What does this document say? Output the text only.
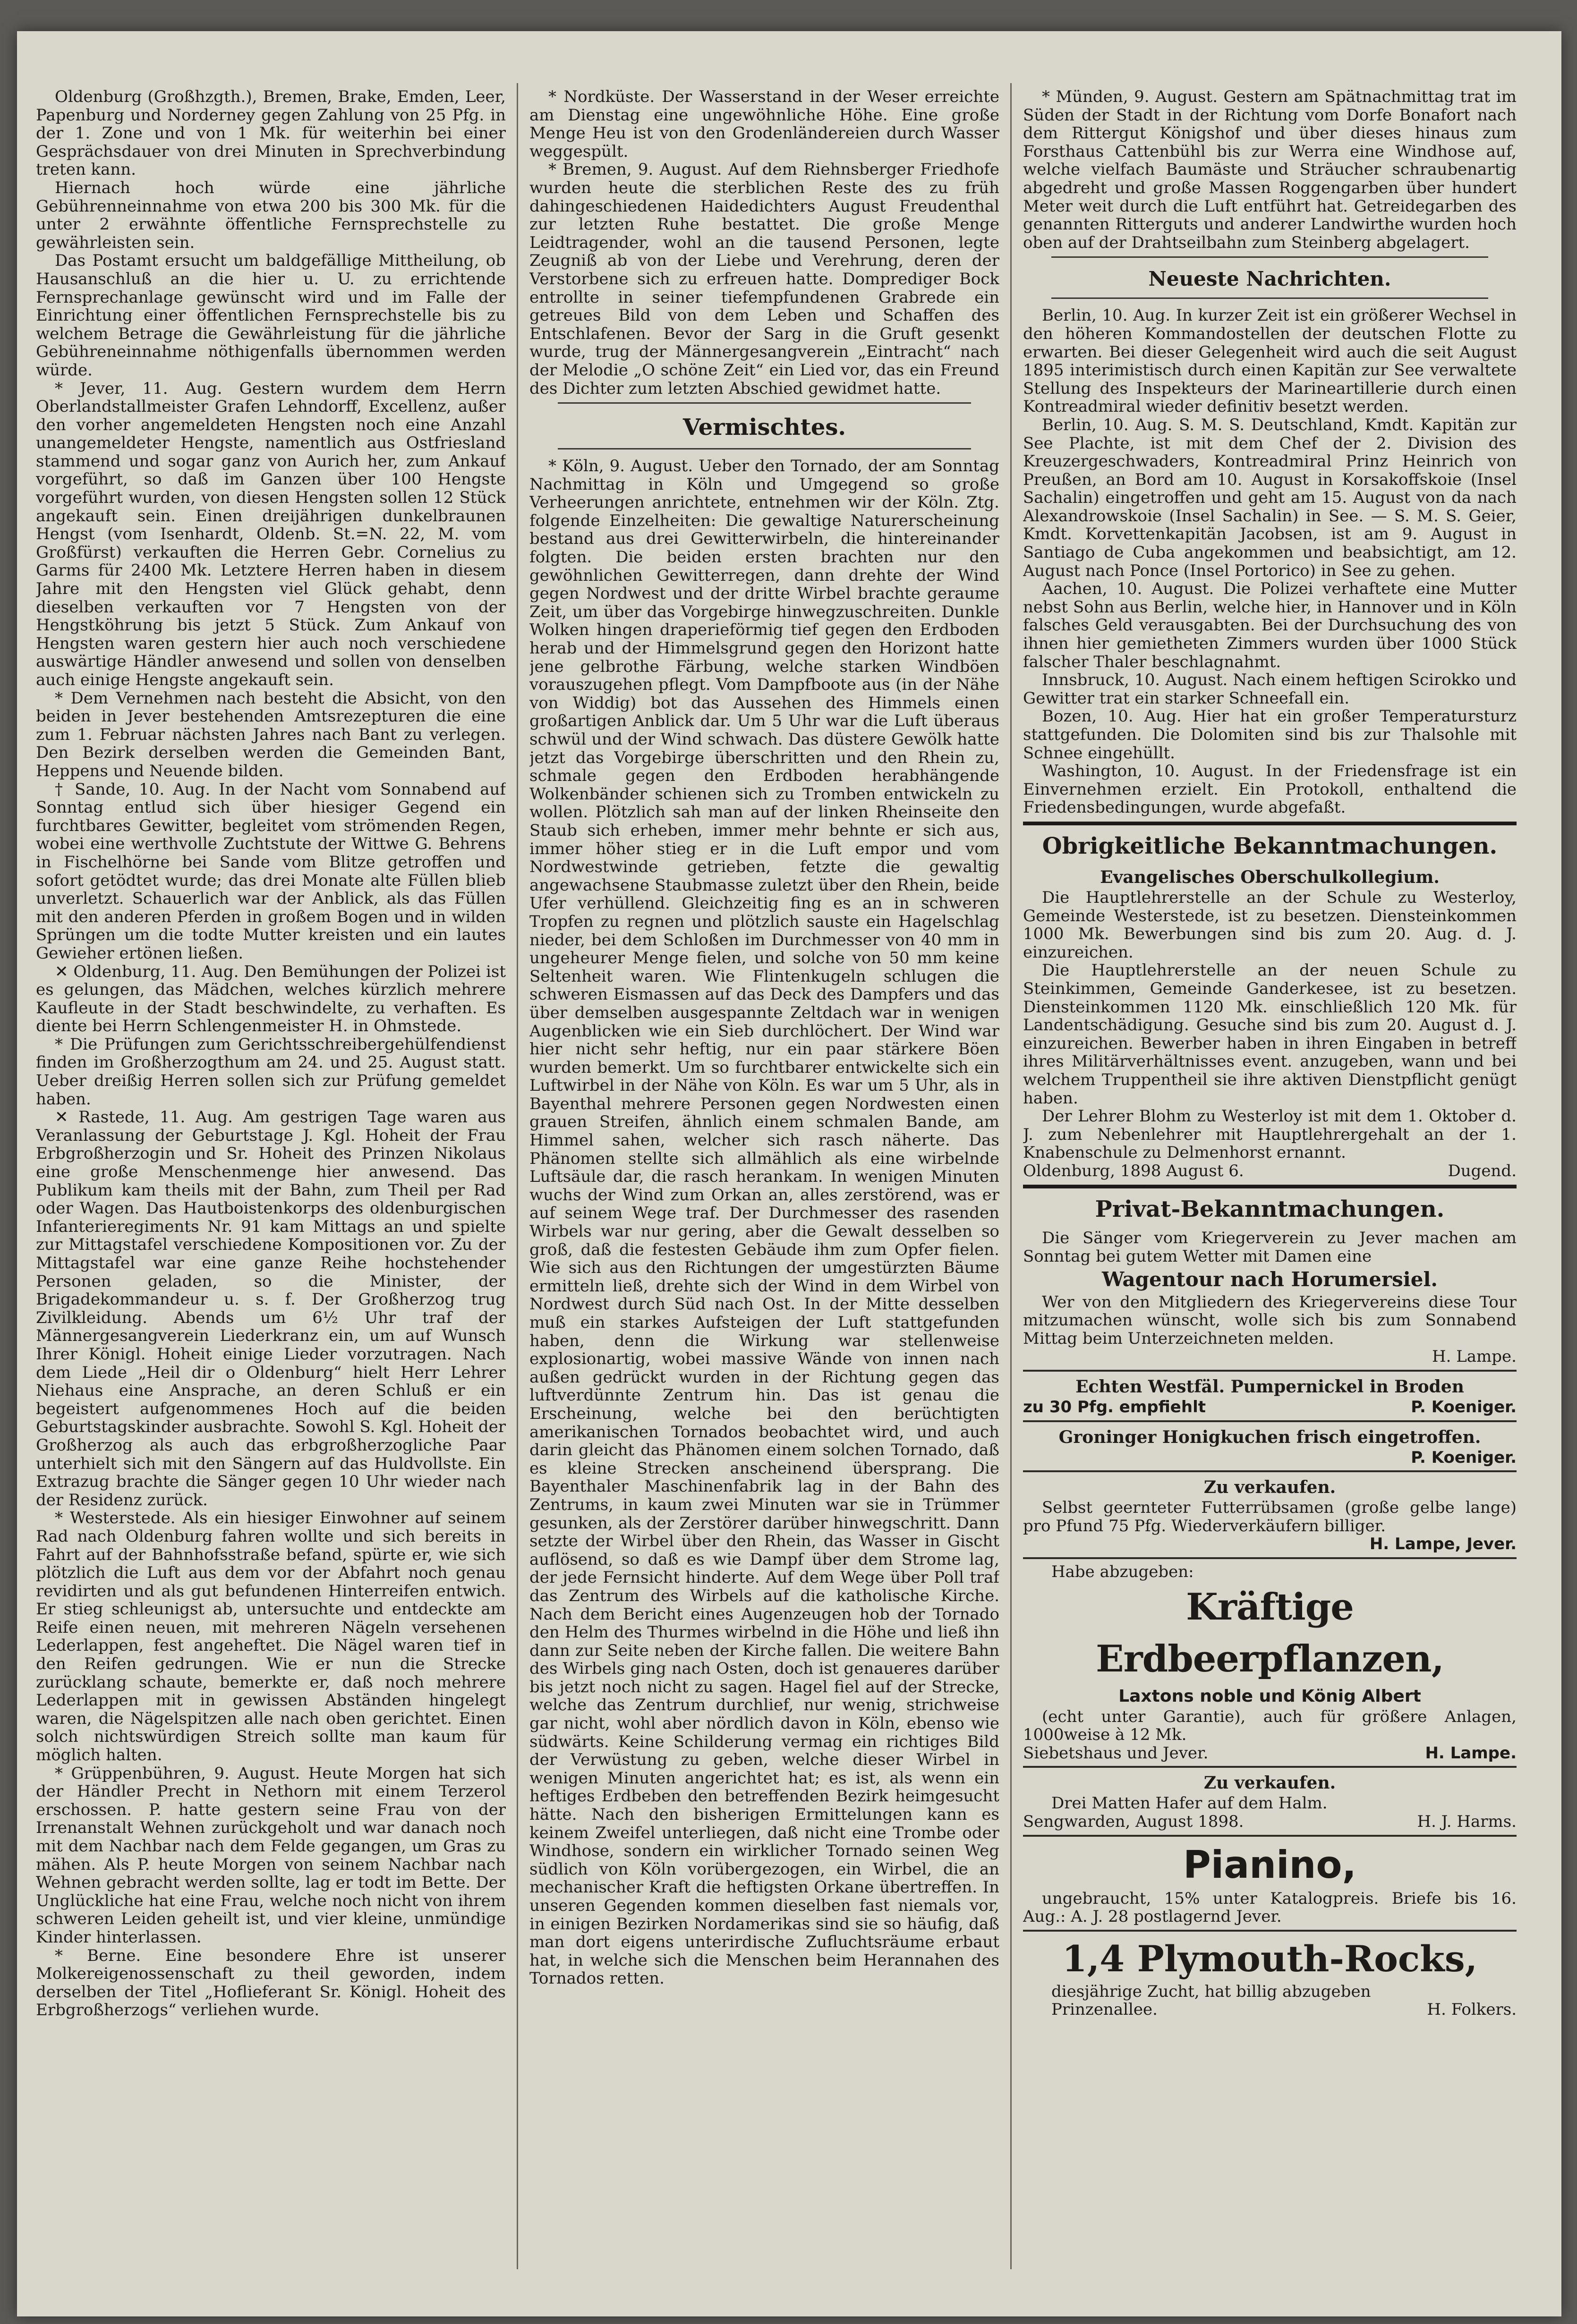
Oldenburg (Großhzgth.), Bremen, Brake, Emden, Leer, Papenburg und Norderney gegen Zahlung von 25 Pfg. in der 1. Zone und von 1 Mk. für weiterhin bei einer Gesprächsdauer von drei Minuten in Sprechverbindung treten kann.

Hiernach hoch würde eine jährliche Gebührenneinnahme von etwa 200 bis 300 Mk. für die unter 2 erwähnte öffentliche Fernsprechstelle zu gewährleisten sein.

Das Postamt ersucht um baldgefällige Mittheilung, ob Hausanschluß an die hier u. U. zu errichtende Fernsprechanlage gewünscht wird und im Falle der Einrichtung einer öffentlichen Fernsprechstelle bis zu welchem Betrage die Gewährleistung für die jährliche Gebühreneinnahme nöthigenfalls übernommen werden würde.

* Jever, 11. Aug. Gestern wurdem dem Herrn Oberlandstallmeister Grafen Lehndorff, Excellenz, außer den vorher angemeldeten Hengsten noch eine Anzahl unangemeldeter Hengste, namentlich aus Ostfriesland stammend und sogar ganz von Aurich her, zum Ankauf vorgeführt, so daß im Ganzen über 100 Hengste vorgeführt wurden, von diesen Hengsten sollen 12 Stück angekauft sein. Einen dreijährigen dunkelbraunen Hengst (vom Isenhardt, Oldenb. St.=N. 22, M. vom Großfürst) verkauften die Herren Gebr. Cornelius zu Garms für 2400 Mk. Letztere Herren haben in diesem Jahre mit den Hengsten viel Glück gehabt, denn dieselben verkauften vor 7 Hengsten von der Hengstköhrung bis jetzt 5 Stück. Zum Ankauf von Hengsten waren gestern hier auch noch verschiedene auswärtige Händler anwesend und sollen von denselben auch einige Hengste angekauft sein.

* Dem Vernehmen nach besteht die Absicht, von den beiden in Jever bestehenden Amtsrezepturen die eine zum 1. Februar nächsten Jahres nach Bant zu verlegen. Den Bezirk derselben werden die Gemeinden Bant, Heppens und Neuende bilden.

† Sande, 10. Aug. In der Nacht vom Sonnabend auf Sonntag entlud sich über hiesiger Gegend ein furchtbares Gewitter, begleitet vom strömenden Regen, wobei eine werthvolle Zuchtstute der Wittwe G. Behrens in Fischelhörne bei Sande vom Blitze getroffen und sofort getödtet wurde; das drei Monate alte Füllen blieb unverletzt. Schauerlich war der Anblick, als das Füllen mit den anderen Pferden in großem Bogen und in wilden Sprüngen um die todte Mutter kreisten und ein lautes Gewieher ertönen ließen.

✕ Oldenburg, 11. Aug. Den Bemühungen der Polizei ist es gelungen, das Mädchen, welches kürzlich mehrere Kaufleute in der Stadt beschwindelte, zu verhaften. Es diente bei Herrn Schlengenmeister H. in Ohmstede.

* Die Prüfungen zum Gerichtsschreibergehülfendienst finden im Großherzogthum am 24. und 25. August statt. Ueber dreißig Herren sollen sich zur Prüfung gemeldet haben.

✕ Rastede, 11. Aug. Am gestrigen Tage waren aus Veranlassung der Geburtstage J. Kgl. Hoheit der Frau Erbgroßherzogin und Sr. Hoheit des Prinzen Nikolaus eine große Menschenmenge hier anwesend. Das Publikum kam theils mit der Bahn, zum Theil per Rad oder Wagen. Das Hautboistenkorps des oldenburgischen Infanterieregiments Nr. 91 kam Mittags an und spielte zur Mittagstafel verschiedene Kompositionen vor. Zu der Mittagstafel war eine ganze Reihe hochstehender Personen geladen, so die Minister, der Brigadekommandeur u. s. f. Der Großherzog trug Zivilkleidung. Abends um 6½ Uhr traf der Männergesangverein Liederkranz ein, um auf Wunsch Ihrer Königl. Hoheit einige Lieder vorzutragen. Nach dem Liede „Heil dir o Oldenburg“ hielt Herr Lehrer Niehaus eine Ansprache, an deren Schluß er ein begeistert aufgenommenes Hoch auf die beiden Geburtstagskinder ausbrachte. Sowohl S. Kgl. Hoheit der Großherzog als auch das erbgroßherzogliche Paar unterhielt sich mit den Sängern auf das Huldvollste. Ein Extrazug brachte die Sänger gegen 10 Uhr wieder nach der Residenz zurück.

* Westerstede. Als ein hiesiger Einwohner auf seinem Rad nach Oldenburg fahren wollte und sich bereits in Fahrt auf der Bahnhofsstraße befand, spürte er, wie sich plötzlich die Luft aus dem vor der Abfahrt noch genau revidirten und als gut befundenen Hinterreifen entwich. Er stieg schleunigst ab, untersuchte und entdeckte am Reife einen neuen, mit mehreren Nägeln versehenen Lederlappen, fest angeheftet. Die Nägel waren tief in den Reifen gedrungen. Wie er nun die Strecke zurücklang schaute, bemerkte er, daß noch mehrere Lederlappen mit in gewissen Abständen hingelegt waren, die Nägelspitzen alle nach oben gerichtet. Einen solch nichtswürdigen Streich sollte man kaum für möglich halten.

* Grüppenbühren, 9. August. Heute Morgen hat sich der Händler Precht in Nethorn mit einem Terzerol erschossen. P. hatte gestern seine Frau von der Irrenanstalt Wehnen zurückgeholt und war danach noch mit dem Nachbar nach dem Felde gegangen, um Gras zu mähen. Als P. heute Morgen von seinem Nachbar nach Wehnen gebracht werden sollte, lag er todt im Bette. Der Unglückliche hat eine Frau, welche noch nicht von ihrem schweren Leiden geheilt ist, und vier kleine, unmündige Kinder hinterlassen.

* Berne. Eine besondere Ehre ist unserer Molkereigenossenschaft zu theil geworden, indem derselben der Titel „Hoflieferant Sr. Königl. Hoheit des Erbgroßherzogs“ verliehen wurde.

* Nordküste. Der Wasserstand in der Weser erreichte am Dienstag eine ungewöhnliche Höhe. Eine große Menge Heu ist von den Grodenländereien durch Wasser weggespült.

* Bremen, 9. August. Auf dem Riehnsberger Friedhofe wurden heute die sterblichen Reste des zu früh dahingeschiedenen Haidedichters August Freudenthal zur letzten Ruhe bestattet. Die große Menge Leidtragender, wohl an die tausend Personen, legte Zeugniß ab von der Liebe und Verehrung, deren der Verstorbene sich zu erfreuen hatte. Domprediger Bock entrollte in seiner tiefempfundenen Grabrede ein getreues Bild von dem Leben und Schaffen des Entschlafenen. Bevor der Sarg in die Gruft gesenkt wurde, trug der Männergesangverein „Eintracht“ nach der Melodie „O schöne Zeit“ ein Lied vor, das ein Freund des Dichter zum letzten Abschied gewidmet hatte.

Vermischtes.

* Köln, 9. August. Ueber den Tornado, der am Sonntag Nachmittag in Köln und Umgegend so große Verheerungen anrichtete, entnehmen wir der Köln. Ztg. folgende Einzelheiten: Die gewaltige Naturerscheinung bestand aus drei Gewitterwirbeln, die hintereinander folgten. Die beiden ersten brachten nur den gewöhnlichen Gewitterregen, dann drehte der Wind gegen Nordwest und der dritte Wirbel brachte geraume Zeit, um über das Vorgebirge hinwegzuschreiten. Dunkle Wolken hingen draperieförmig tief gegen den Erdboden herab und der Himmelsgrund gegen den Horizont hatte jene gelbrothe Färbung, welche starken Windböen vorauszugehen pflegt. Vom Dampfboote aus (in der Nähe von Widdig) bot das Aussehen des Himmels einen großartigen Anblick dar. Um 5 Uhr war die Luft überaus schwül und der Wind schwach. Das düstere Gewölk hatte jetzt das Vorgebirge überschritten und den Rhein zu, schmale gegen den Erdboden herabhängende Wolkenbänder schienen sich zu Tromben entwickeln zu wollen. Plötzlich sah man auf der linken Rheinseite den Staub sich erheben, immer mehr behnte er sich aus, immer höher stieg er in die Luft empor und vom Nordwestwinde getrieben, fetzte die gewaltig angewachsene Staubmasse zuletzt über den Rhein, beide Ufer verhüllend. Gleichzeitig fing es an in schweren Tropfen zu regnen und plötzlich sauste ein Hagelschlag nieder, bei dem Schloßen im Durchmesser von 40 mm in ungeheurer Menge fielen, und solche von 50 mm keine Seltenheit waren. Wie Flintenkugeln schlugen die schweren Eismassen auf das Deck des Dampfers und das über demselben ausgespannte Zeltdach war in wenigen Augenblicken wie ein Sieb durchlöchert. Der Wind war hier nicht sehr heftig, nur ein paar stärkere Böen wurden bemerkt. Um so furchtbarer entwickelte sich ein Luftwirbel in der Nähe von Köln. Es war um 5 Uhr, als in Bayenthal mehrere Personen gegen Nordwesten einen grauen Streifen, ähnlich einem schmalen Bande, am Himmel sahen, welcher sich rasch näherte. Das Phänomen stellte sich allmählich als eine wirbelnde Luftsäule dar, die rasch herankam. In wenigen Minuten wuchs der Wind zum Orkan an, alles zerstörend, was er auf seinem Wege traf. Der Durchmesser des rasenden Wirbels war nur gering, aber die Gewalt desselben so groß, daß die festesten Gebäude ihm zum Opfer fielen. Wie sich aus den Richtungen der umgestürzten Bäume ermitteln ließ, drehte sich der Wind in dem Wirbel von Nordwest durch Süd nach Ost. In der Mitte desselben muß ein starkes Aufsteigen der Luft stattgefunden haben, denn die Wirkung war stellenweise explosionartig, wobei massive Wände von innen nach außen gedrückt wurden in der Richtung gegen das luftverdünnte Zentrum hin. Das ist genau die Erscheinung, welche bei den berüchtigten amerikanischen Tornados beobachtet wird, und auch darin gleicht das Phänomen einem solchen Tornado, daß es kleine Strecken anscheinend übersprang. Die Bayenthaler Maschinenfabrik lag in der Bahn des Zentrums, in kaum zwei Minuten war sie in Trümmer gesunken, als der Zerstörer darüber hinwegschritt. Dann setzte der Wirbel über den Rhein, das Wasser in Gischt auflösend, so daß es wie Dampf über dem Strome lag, der jede Fernsicht hinderte. Auf dem Wege über Poll traf das Zentrum des Wirbels auf die katholische Kirche. Nach dem Bericht eines Augenzeugen hob der Tornado den Helm des Thurmes wirbelnd in die Höhe und ließ ihn dann zur Seite neben der Kirche fallen. Die weitere Bahn des Wirbels ging nach Osten, doch ist genaueres darüber bis jetzt noch nicht zu sagen. Hagel fiel auf der Strecke, welche das Zentrum durchlief, nur wenig, strichweise gar nicht, wohl aber nördlich davon in Köln, ebenso wie südwärts. Keine Schilderung vermag ein richtiges Bild der Verwüstung zu geben, welche dieser Wirbel in wenigen Minuten angerichtet hat; es ist, als wenn ein heftiges Erdbeben den betreffenden Bezirk heimgesucht hätte. Nach den bisherigen Ermittelungen kann es keinem Zweifel unterliegen, daß nicht eine Trombe oder Windhose, sondern ein wirklicher Tornado seinen Weg südlich von Köln vorübergezogen, ein Wirbel, die an mechanischer Kraft die heftigsten Orkane übertreffen. In unseren Gegenden kommen dieselben fast niemals vor, in einigen Bezirken Nordamerikas sind sie so häufig, daß man dort eigens unterirdische Zufluchtsräume erbaut hat, in welche sich die Menschen beim Herannahen des Tornados retten.

* Münden, 9. August. Gestern am Spätnachmittag trat im Süden der Stadt in der Richtung vom Dorfe Bonafort nach dem Rittergut Königshof und über dieses hinaus zum Forsthaus Cattenbühl bis zur Werra eine Windhose auf, welche vielfach Baumäste und Sträucher schraubenartig abgedreht und große Massen Roggengarben über hundert Meter weit durch die Luft entführt hat. Getreidegarben des genannten Ritterguts und anderer Landwirthe wurden hoch oben auf der Drahtseilbahn zum Steinberg abgelagert.

Neueste Nachrichten.

Berlin, 10. Aug. In kurzer Zeit ist ein größerer Wechsel in den höheren Kommandostellen der deutschen Flotte zu erwarten. Bei dieser Gelegenheit wird auch die seit August 1895 interimistisch durch einen Kapitän zur See verwaltete Stellung des Inspekteurs der Marineartillerie durch einen Kontreadmiral wieder definitiv besetzt werden.

Berlin, 10. Aug. S. M. S. Deutschland, Kmdt. Kapitän zur See Plachte, ist mit dem Chef der 2. Division des Kreuzergeschwaders, Kontreadmiral Prinz Heinrich von Preußen, an Bord am 10. August in Korsakoffskoie (Insel Sachalin) eingetroffen und geht am 15. August von da nach Alexandrowskoie (Insel Sachalin) in See. — S. M. S. Geier, Kmdt. Korvettenkapitän Jacobsen, ist am 9. August in Santiago de Cuba angekommen und beabsichtigt, am 12. August nach Ponce (Insel Portorico) in See zu gehen.

Aachen, 10. August. Die Polizei verhaftete eine Mutter nebst Sohn aus Berlin, welche hier, in Hannover und in Köln falsches Geld verausgabten. Bei der Durchsuchung des von ihnen hier gemietheten Zimmers wurden über 1000 Stück falscher Thaler beschlagnahmt.

Innsbruck, 10. August. Nach einem heftigen Scirokko und Gewitter trat ein starker Schneefall ein.

Bozen, 10. Aug. Hier hat ein großer Temperatursturz stattgefunden. Die Dolomiten sind bis zur Thalsohle mit Schnee eingehüllt.

Washington, 10. August. In der Friedensfrage ist ein Einvernehmen erzielt. Ein Protokoll, enthaltend die Friedensbedingungen, wurde abgefaßt.

Obrigkeitliche Bekanntmachungen.
Evangelisches Oberschulkollegium.

Die Hauptlehrerstelle an der Schule zu Westerloy, Gemeinde Westerstede, ist zu besetzen. Diensteinkommen 1000 Mk. Bewerbungen sind bis zum 20. Aug. d. J. einzureichen.

Die Hauptlehrerstelle an der neuen Schule zu Steinkimmen, Gemeinde Ganderkesee, ist zu besetzen. Diensteinkommen 1120 Mk. einschließlich 120 Mk. für Landentschädigung. Gesuche sind bis zum 20. August d. J. einzureichen. Bewerber haben in ihren Eingaben in betreff ihres Militärverhältnisses event. anzugeben, wann und bei welchem Truppentheil sie ihre aktiven Dienstpflicht genügt haben.

Der Lehrer Blohm zu Westerloy ist mit dem 1. Oktober d. J. zum Nebenlehrer mit Hauptlehrergehalt an der 1. Knabenschule zu Delmenhorst ernannt.

Oldenburg, 1898 August 6.	Dugend.
Privat-Bekanntmachungen.

Die Sänger vom Kriegerverein zu Jever machen am Sonntag bei gutem Wetter mit Damen eine

Wagentour nach Horumersiel.

Wer von den Mitgliedern des Kriegervereins diese Tour mitzumachen wünscht, wolle sich bis zum Sonnabend Mittag beim Unterzeichneten melden.

H. Lampe.
Echten Westfäl. Pumpernickel in Broden
zu 30 Pfg. empfiehlt	P. Koeniger.
Groninger Honigkuchen frisch eingetroffen.
P. Koeniger.
Zu verkaufen.

Selbst geernteter Futterrübsamen (große gelbe lange) pro Pfund 75 Pfg. Wiederverkäufern billiger.

H. Lampe, Jever.
Habe abzugeben:
Kräftige Erdbeerpflanzen,
Laxtons noble und König Albert

(echt unter Garantie), auch für größere Anlagen, 1000weise à 12 Mk.

Siebetshaus und Jever.	H. Lampe.
Zu verkaufen.
Drei Matten Hafer auf dem Halm.
Sengwarden, August 1898.	H. J. Harms.
Pianino,

ungebraucht, 15% unter Katalogpreis. Briefe bis 16. Aug.: A. J. 28 postlagernd Jever.

1,4 Plymouth-Rocks,
diesjährige Zucht, hat billig abzugeben
Prinzenallee.	H. Folkers.
